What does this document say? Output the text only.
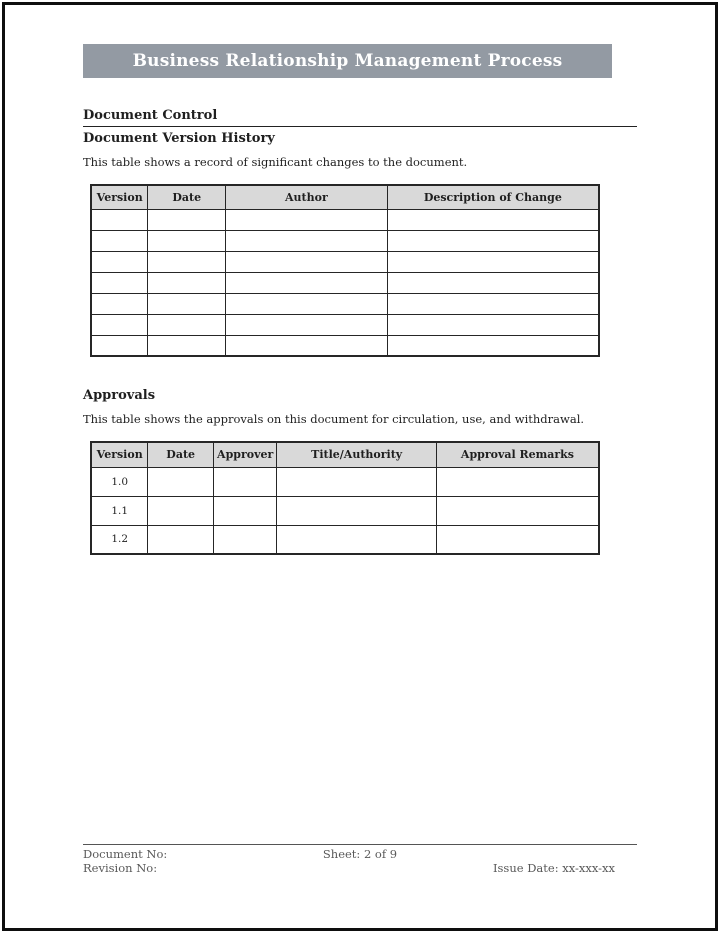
Business Relationship Management Process
Document Control
Document Version History

This table shows a record of significant changes to the document.

Version	Date	Author	Description of Change

Approvals

This table shows the approvals on this document for circulation, use, and withdrawal.

Version	Date	Approver	Title/Authority	Approval Remarks
1.0				
1.1				
1.2				
Document No:	Sheet: 2 of 9
Revision No:	Issue Date: xx-xxx-xx
